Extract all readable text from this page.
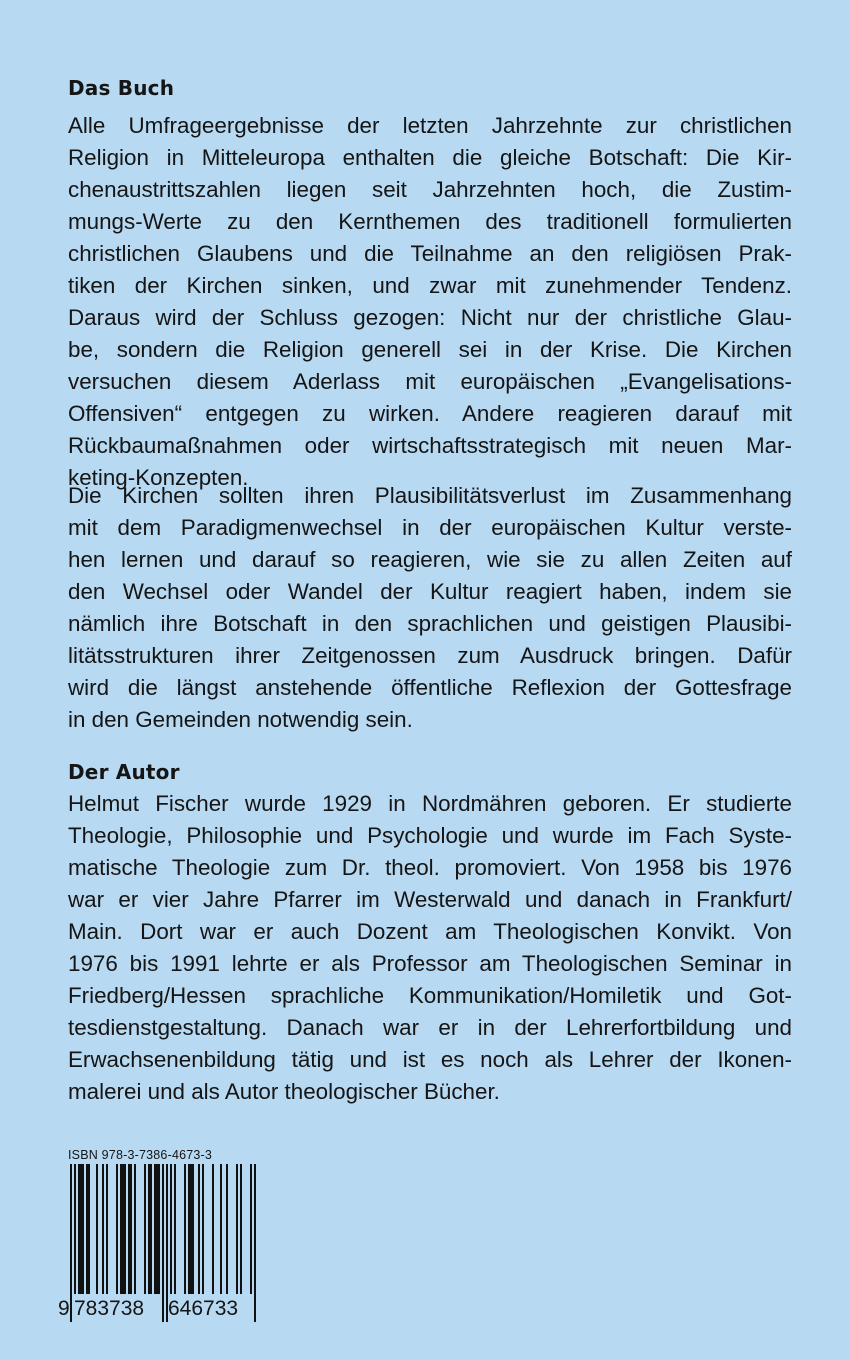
Das Buch
Alle Umfrageergebnisse der letzten Jahrzehnte zur christlichen
Religion in Mitteleuropa enthalten die gleiche Botschaft: Die Kir-
chenaustrittszahlen liegen seit Jahrzehnten hoch, die Zustim-
mungs-Werte zu den Kernthemen des traditionell formulierten
christlichen Glaubens und die Teilnahme an den religiösen Prak-
tiken der Kirchen sinken, und zwar mit zunehmender Tendenz.
Daraus wird der Schluss gezogen: Nicht nur der christliche Glau-
be, sondern die Religion generell sei in der Krise. Die Kirchen
versuchen diesem Aderlass mit europäischen „Evangelisations-
Offensiven“ entgegen zu wirken. Andere reagieren darauf mit
Rückbaumaßnahmen oder wirtschaftsstrategisch mit neuen Mar-
keting-Konzepten.
Die Kirchen sollten ihren Plausibilitätsverlust im Zusammenhang
mit dem Paradigmenwechsel in der europäischen Kultur verste-
hen lernen und darauf so reagieren, wie sie zu allen Zeiten auf
den Wechsel oder Wandel der Kultur reagiert haben, indem sie
nämlich ihre Botschaft in den sprachlichen und geistigen Plausibi-
litätsstrukturen ihrer Zeitgenossen zum Ausdruck bringen. Dafür
wird die längst anstehende öffentliche Reflexion der Gottesfrage
in den Gemeinden notwendig sein.
Der Autor
Helmut Fischer wurde 1929 in Nordmähren geboren. Er studierte
Theologie, Philosophie und Psychologie und wurde im Fach Syste-
matische Theologie zum Dr. theol. promoviert. Von 1958 bis 1976
war er vier Jahre Pfarrer im Westerwald und danach in Frankfurt/
Main. Dort war er auch Dozent am Theologischen Konvikt. Von
1976 bis 1991 lehrte er als Professor am Theologischen Seminar in
Friedberg/Hessen sprachliche Kommunikation/Homiletik und Got-
tesdienstgestaltung. Danach war er in der Lehrerfortbildung und
Erwachsenenbildung tätig und ist es noch als Lehrer der Ikonen-
malerei und als Autor theologischer Bücher.
ISBN 978-3-7386-4673-3
9 783738	646733
